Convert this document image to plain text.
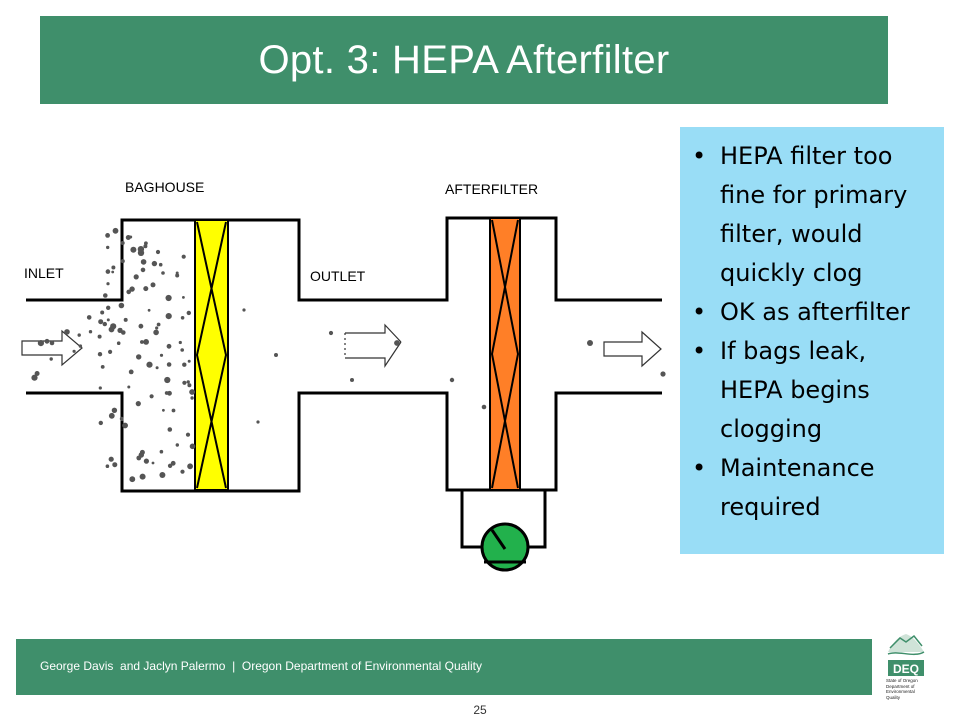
Opt. 3: HEPA Afterfilter
INLET
BAGHOUSE
OUTLET
AFTERFILTER
• HEPA filter too fine for primary filter, would quickly clog
• OK as afterfilter
• If bags leak, HEPA begins clogging
• Maintenance required
George Davis  and Jaclyn Palermo  |  Oregon Department of Environmental Quality	DEQ
State of Oregon Department of Environmental Quality
25
